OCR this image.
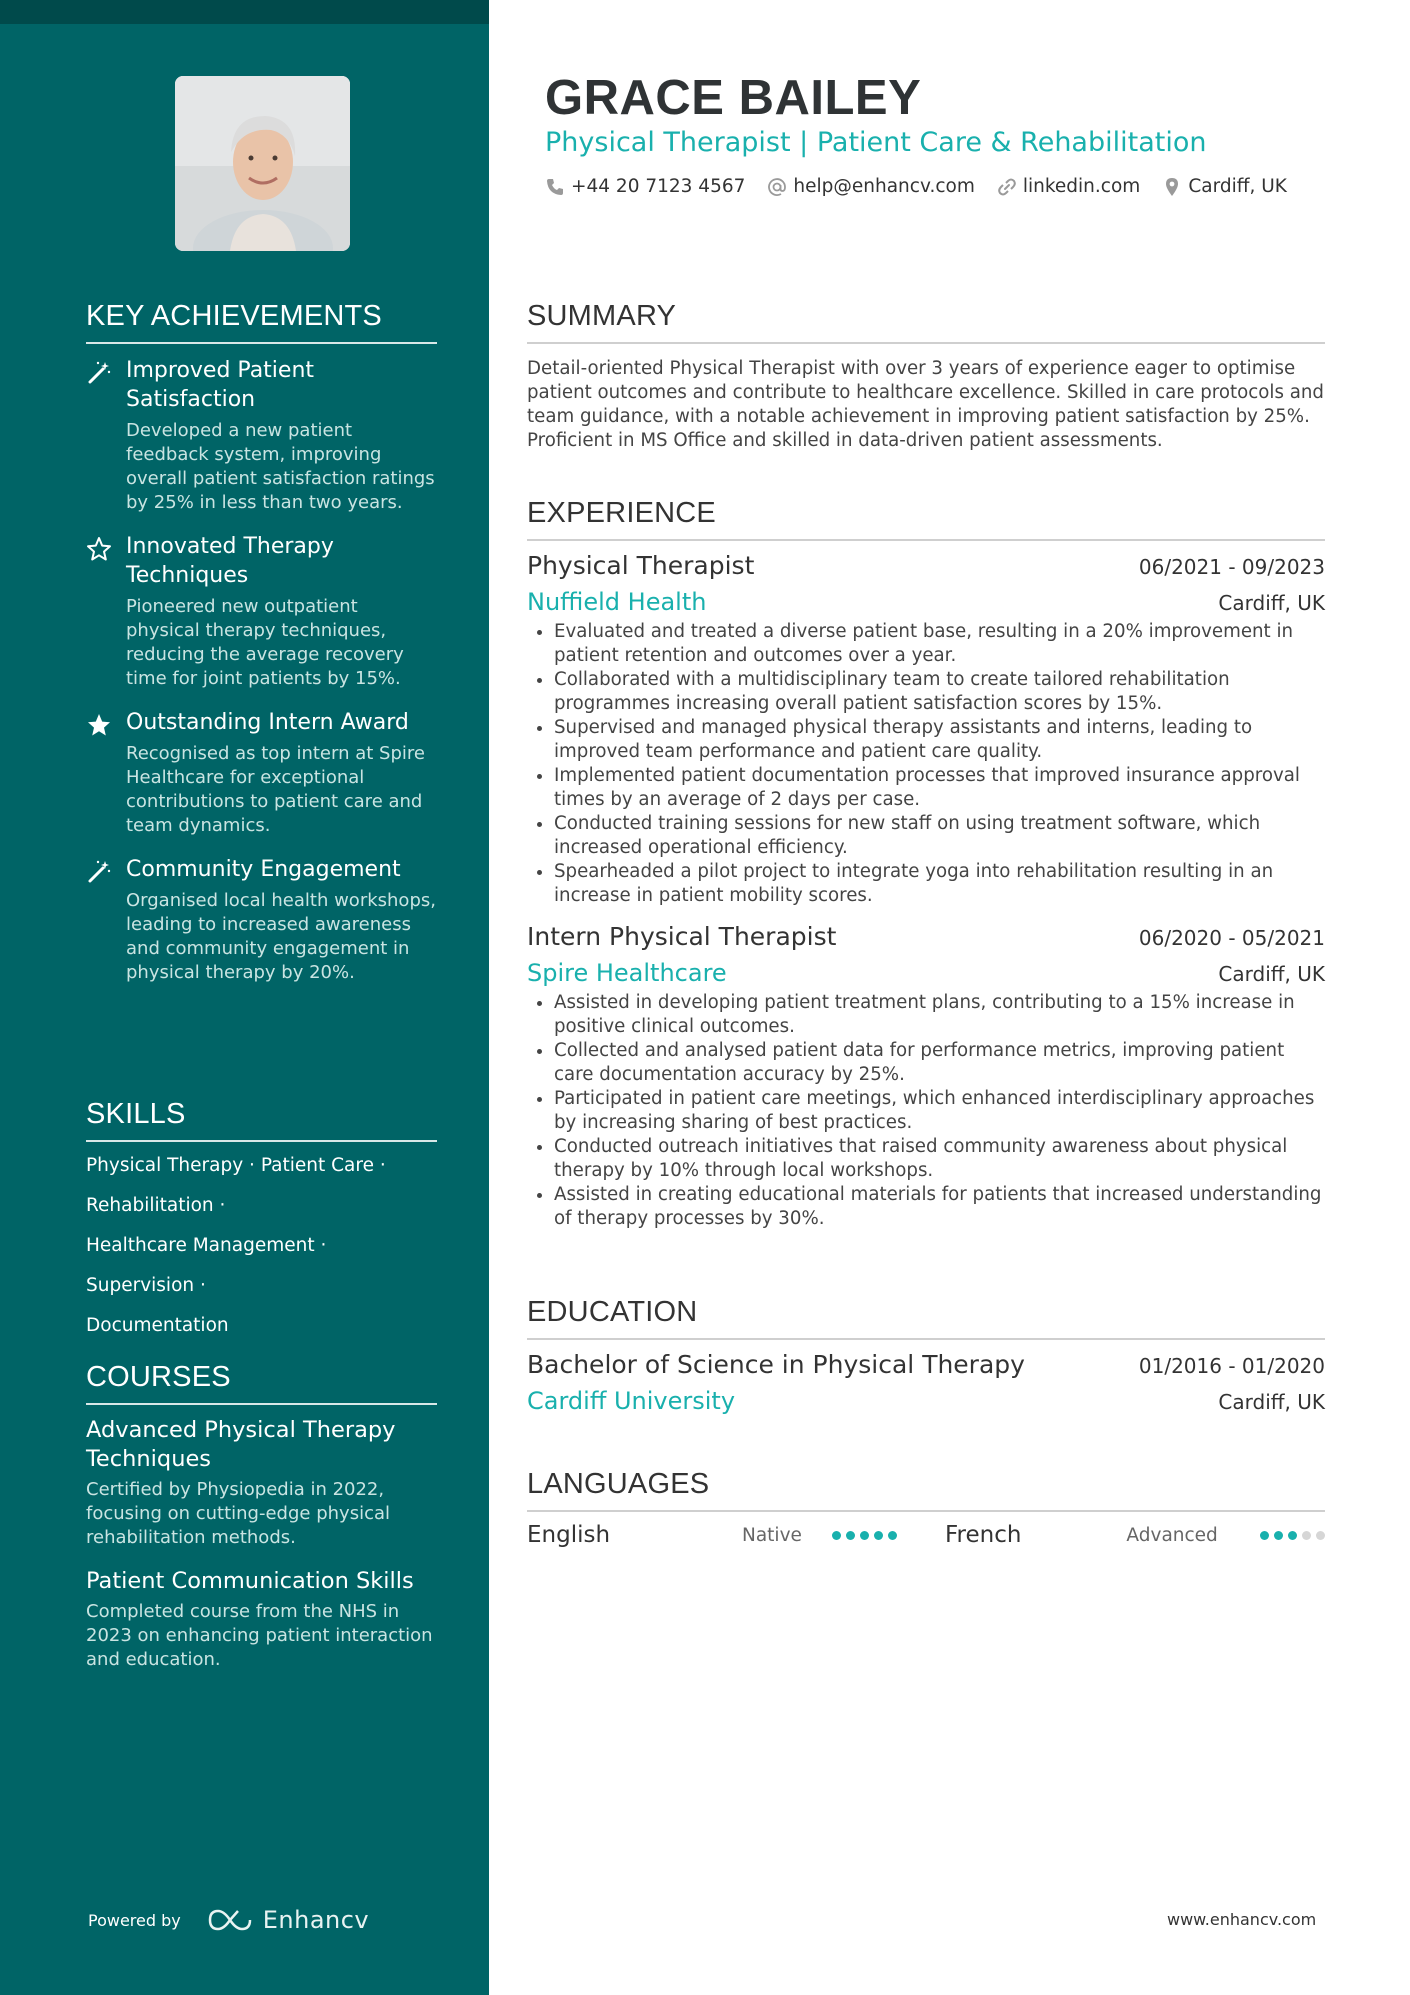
KEY ACHIEVEMENTS
Improved Patient Satisfaction
Developed a new patient feedback system, improving overall patient satisfaction ratings by 25% in less than two years.
Innovated Therapy Techniques
Pioneered new outpatient physical therapy techniques, reducing the average recovery time for joint patients by 15%.
Outstanding Intern Award
Recognised as top intern at Spire Healthcare for exceptional contributions to patient care and team dynamics.
Community Engagement
Organised local health workshops, leading to increased awareness and community engagement in physical therapy by 20%.
SKILLS
Physical Therapy · Patient Care ·
Rehabilitation ·
Healthcare Management · Supervision ·
Documentation
COURSES
Advanced Physical Therapy Techniques
Certified by Physiopedia in 2022, focusing on cutting-edge physical rehabilitation methods.
Patient Communication Skills
Completed course from the NHS in 2023 on enhancing patient interaction and education.
Powered by	Enhancv
GRACE BAILEY
Physical Therapist | Patient Care & Rehabilitation
+44 20 7123 4567	help@enhancv.com	linkedin.com	Cardiff, UK
SUMMARY
Detail-oriented Physical Therapist with over 3 years of experience eager to optimise patient outcomes and contribute to healthcare excellence. Skilled in care protocols and team guidance, with a notable achievement in improving patient satisfaction by 25%. Proficient in MS Office and skilled in data-driven patient assessments.
EXPERIENCE
Physical Therapist	06/2021 - 09/2023
Nuffield Health	Cardiff, UK
• Evaluated and treated a diverse patient base, resulting in a 20% improvement in patient retention and outcomes over a year.
• Collaborated with a multidisciplinary team to create tailored rehabilitation programmes increasing overall patient satisfaction scores by 15%.
• Supervised and managed physical therapy assistants and interns, leading to improved team performance and patient care quality.
• Implemented patient documentation processes that improved insurance approval times by an average of 2 days per case.
• Conducted training sessions for new staff on using treatment software, which increased operational efficiency.
• Spearheaded a pilot project to integrate yoga into rehabilitation resulting in an increase in patient mobility scores.
Intern Physical Therapist	06/2020 - 05/2021
Spire Healthcare	Cardiff, UK
• Assisted in developing patient treatment plans, contributing to a 15% increase in positive clinical outcomes.
• Collected and analysed patient data for performance metrics, improving patient care documentation accuracy by 25%.
• Participated in patient care meetings, which enhanced interdisciplinary approaches by increasing sharing of best practices.
• Conducted outreach initiatives that raised community awareness about physical therapy by 10% through local workshops.
• Assisted in creating educational materials for patients that increased understanding of therapy processes by 30%.
EDUCATION
Bachelor of Science in Physical Therapy	01/2016 - 01/2020
Cardiff University	Cardiff, UK
LANGUAGES
English	Native	French	Advanced
www.enhancv.com
